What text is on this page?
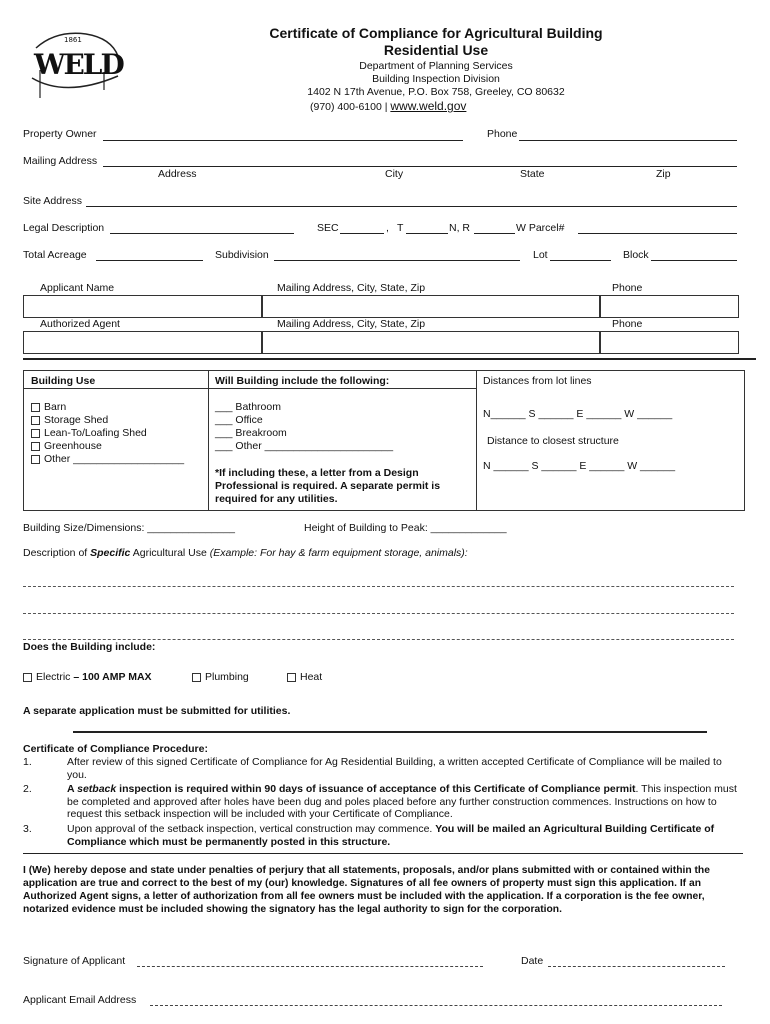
WELD
1861	Certificate of Compliance for Agricultural Building
Residential Use
Department of Planning Services
Building Inspection Division
1402 N 17th Avenue, P.O. Box 758, Greeley, CO 80632
(970) 400-6100 | www.weld.gov
Property Owner	Phone
Mailing Address
Address	City	State	Zip
Site Address
Legal Description	SEC	, T	N, R	W Parcel#
Total Acreage	Subdivision	Lot	Block
Applicant Name	Mailing Address, City, State, Zip	Phone
Authorized Agent	Mailing Address, City, State, Zip	Phone
Building Use
Barn
Storage Shed
Lean-To/Loafing Shed
Greenhouse
Other ___________________
Will Building include the following:
___ Bathroom
___ Office
___ Breakroom
___ Other ______________________
*If including these, a letter from a Design Professional is required. A separate permit is required for any utilities.
Distances from lot lines
N______ S ______ E ______ W ______
Distance to closest structure
N ______ S ______ E ______ W ______
Building Size/Dimensions: _______________	Height of Building to Peak: _____________
Description of Specific Agricultural Use (Example: For hay & farm equipment storage, animals):
Does the Building include:
Electric – 100 AMP MAX	Plumbing	Heat
A separate application must be submitted for utilities.
Certificate of Compliance Procedure:
1.	After review of this signed Certificate of Compliance for Ag Residential Building, a written accepted Certificate of Compliance will be mailed to you.
2.	A setback inspection is required within 90 days of issuance of acceptance of this Certificate of Compliance permit. This inspection must be completed and approved after holes have been dug and poles placed before any further construction commences. Instructions on how to request this setback inspection will be included with your Certificate of Compliance.
3.	Upon approval of the setback inspection, vertical construction may commence. You will be mailed an Agricultural Building Certificate of Compliance which must be permanently posted in this structure.
I (We) hereby depose and state under penalties of perjury that all statements, proposals, and/or plans submitted with or contained within the application are true and correct to the best of my (our) knowledge. Signatures of all fee owners of property must sign this application. If an Authorized Agent signs, a letter of authorization from all fee owners must be included with the application. If a corporation is the fee owner, notarized evidence must be included showing the signatory has the legal authority to sign for the corporation.
Signature of Applicant	Date
Applicant Email Address
